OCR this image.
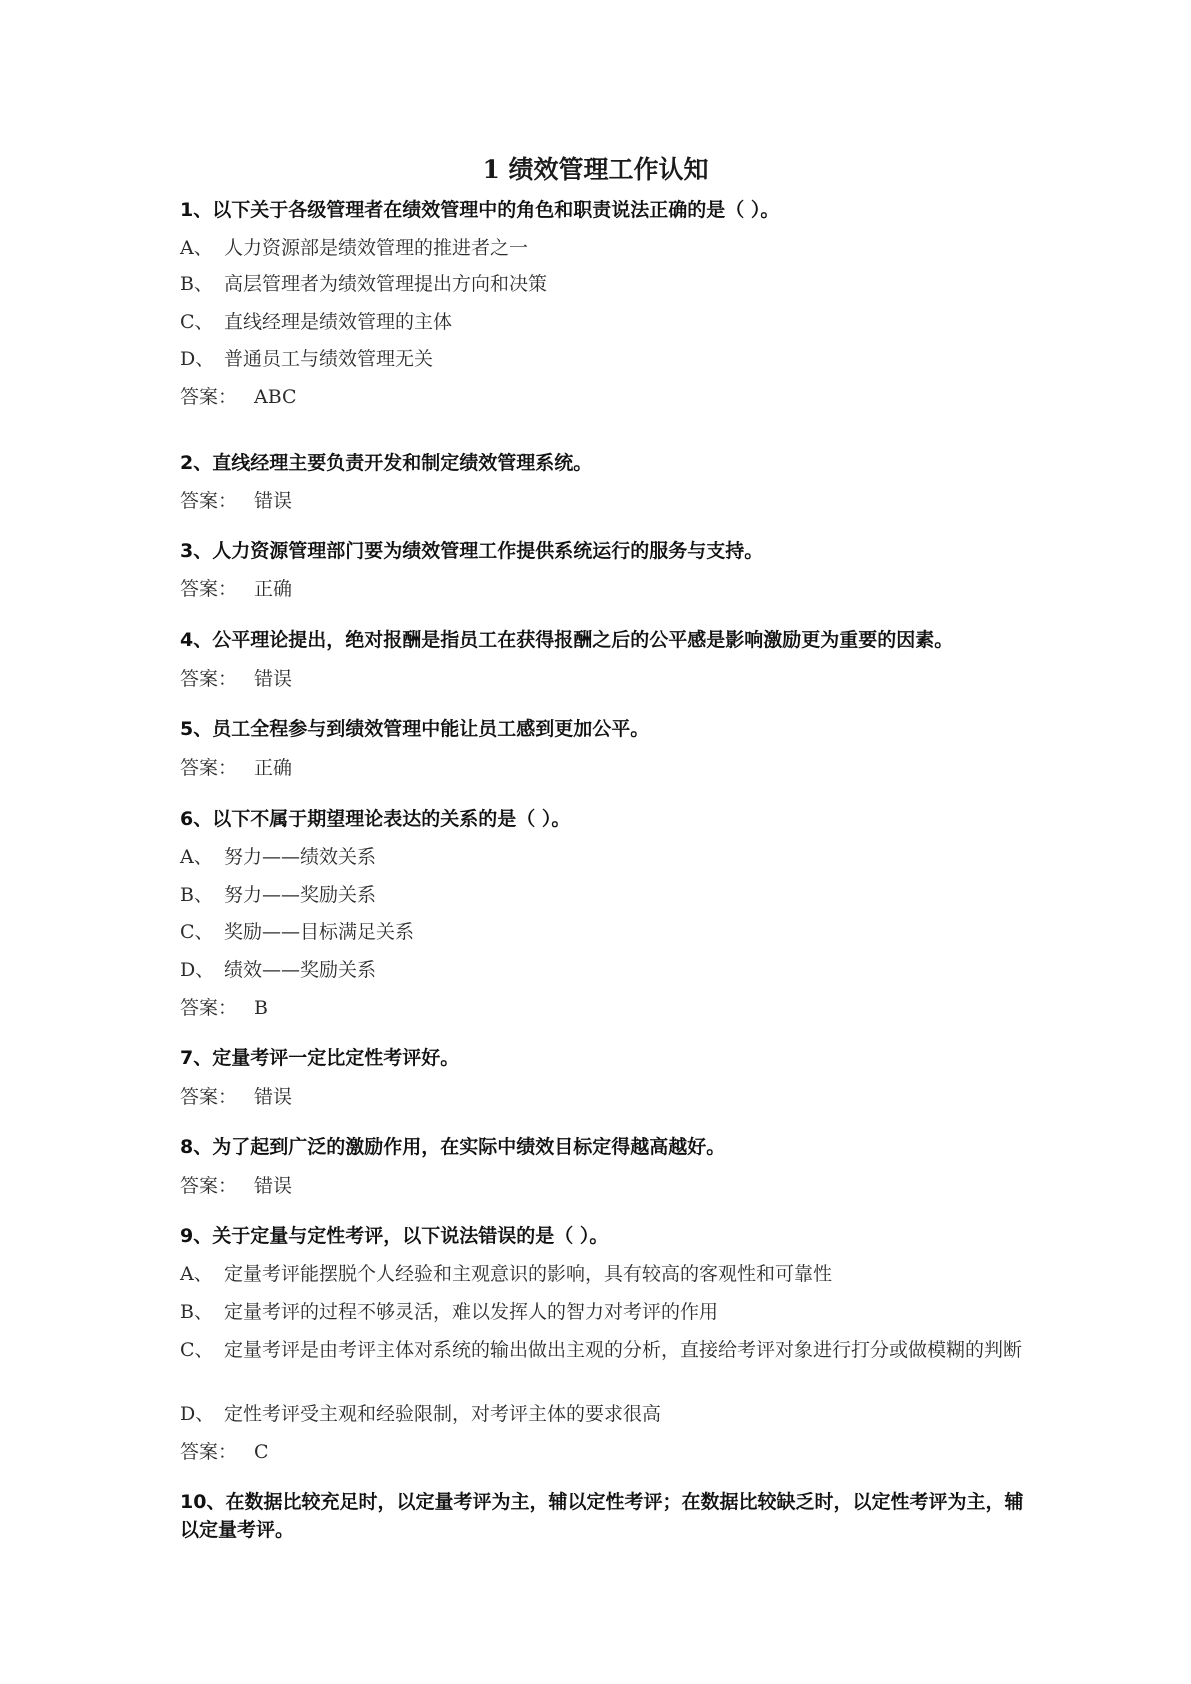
1 绩效管理工作认知

1、以下关于各级管理者在绩效管理中的角色和职责说法正确的是（ ）。

A、 人力资源部是绩效管理的推进者之一

B、 高层管理者为绩效管理提出方向和决策

C、 直线经理是绩效管理的主体

D、 普通员工与绩效管理无关

答案： ABC

2、直线经理主要负责开发和制定绩效管理系统。

答案： 错误

3、人力资源管理部门要为绩效管理工作提供系统运行的服务与支持。

答案： 正确

4、公平理论提出，绝对报酬是指员工在获得报酬之后的公平感是影响激励更为重要的因素。

答案： 错误

5、员工全程参与到绩效管理中能让员工感到更加公平。

答案： 正确

6、以下不属于期望理论表达的关系的是（ ）。

A、 努力——绩效关系

B、 努力——奖励关系

C、 奖励——目标满足关系

D、 绩效——奖励关系

答案： B

7、定量考评一定比定性考评好。

答案： 错误

8、为了起到广泛的激励作用，在实际中绩效目标定得越高越好。

答案： 错误

9、关于定量与定性考评，以下说法错误的是（ ）。

A、 定量考评能摆脱个人经验和主观意识的影响，具有较高的客观性和可靠性

B、 定量考评的过程不够灵活，难以发挥人的智力对考评的作用

C、 定量考评是由考评主体对系统的输出做出主观的分析，直接给考评对象进行打分或做模糊的判断

D、 定性考评受主观和经验限制，对考评主体的要求很高

答案： C

10、在数据比较充足时，以定量考评为主，辅以定性考评；在数据比较缺乏时，以定性考评为主，辅以定量考评。
